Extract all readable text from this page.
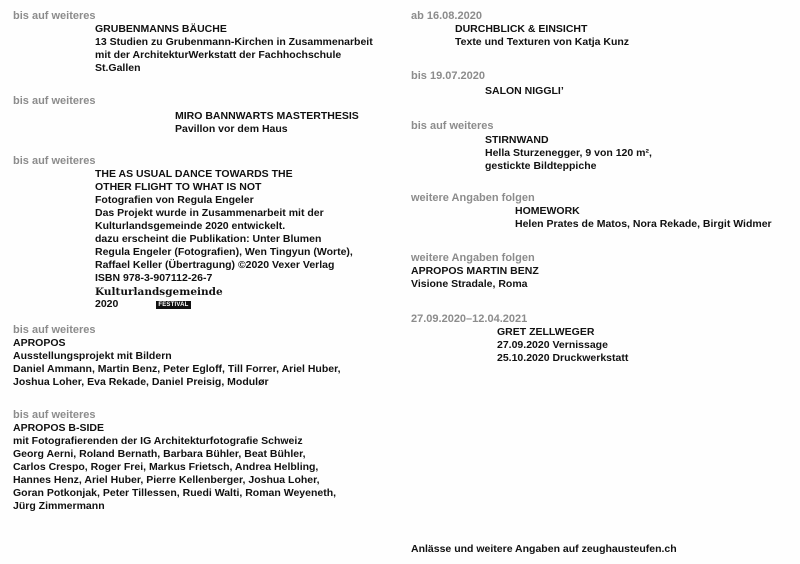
bis auf weiteres

GRUBENMANNS BÄUCHE
13 Studien zu Grubenmann-Kirchen in Zusammenarbeit
mit der ArchitekturWerkstatt der Fachhochschule
St.Gallen

bis auf weiteres

MIRO BANNWARTS MASTERTHESIS
Pavillon vor dem Haus

bis auf weiteres

THE AS USUAL DANCE TOWARDS THE
OTHER FLIGHT TO WHAT IS NOT
Fotografien von Regula Engeler
Das Projekt wurde in Zusammenarbeit mit der
Kulturlandsgemeinde 2020 entwickelt.
dazu erscheint die Publikation: Unter Blumen
Regula Engeler (Fotografien), Wen Tingyun (Worte),
Raffael Keller (Übertragung) ©2020 Vexer Verlag
ISBN 978-3-907112-26-7
Kulturlandsgemeinde
2020	FESTIVAL

bis auf weiteres

APROPOS
Ausstellungsprojekt mit Bildern
Daniel Ammann, Martin Benz, Peter Egloff, Till Forrer, Ariel Huber,
Joshua Loher, Eva Rekade, Daniel Preisig, Modulør

bis auf weiteres

APROPOS B-SIDE
mit Fotografierenden der IG Architekturfotografie Schweiz
Georg Aerni, Roland Bernath, Barbara Bühler, Beat Bühler,
Carlos Crespo, Roger Frei, Markus Frietsch, Andrea Helbling,
Hannes Henz, Ariel Huber, Pierre Kellenberger, Joshua Loher,
Goran Potkonjak, Peter Tillessen, Ruedi Walti, Roman Weyeneth,
Jürg Zimmermann

ab 16.08.2020

DURCHBLICK & EINSICHT
Texte und Texturen von Katja Kunz

bis 19.07.2020

SALON NIGGLI’

bis auf weiteres

STIRNWAND
Hella Sturzenegger, 9 von 120 m²,
gestickte Bildteppiche

weitere Angaben folgen

HOMEWORK
Helen Prates de Matos, Nora Rekade, Birgit Widmer

weitere Angaben folgen

APROPOS MARTIN BENZ
Visione Stradale, Roma

27.09.2020–12.04.2021

GRET ZELLWEGER
27.09.2020 Vernissage
25.10.2020 Druckwerkstatt

Anlässe und weitere Angaben auf zeughausteufen.ch
